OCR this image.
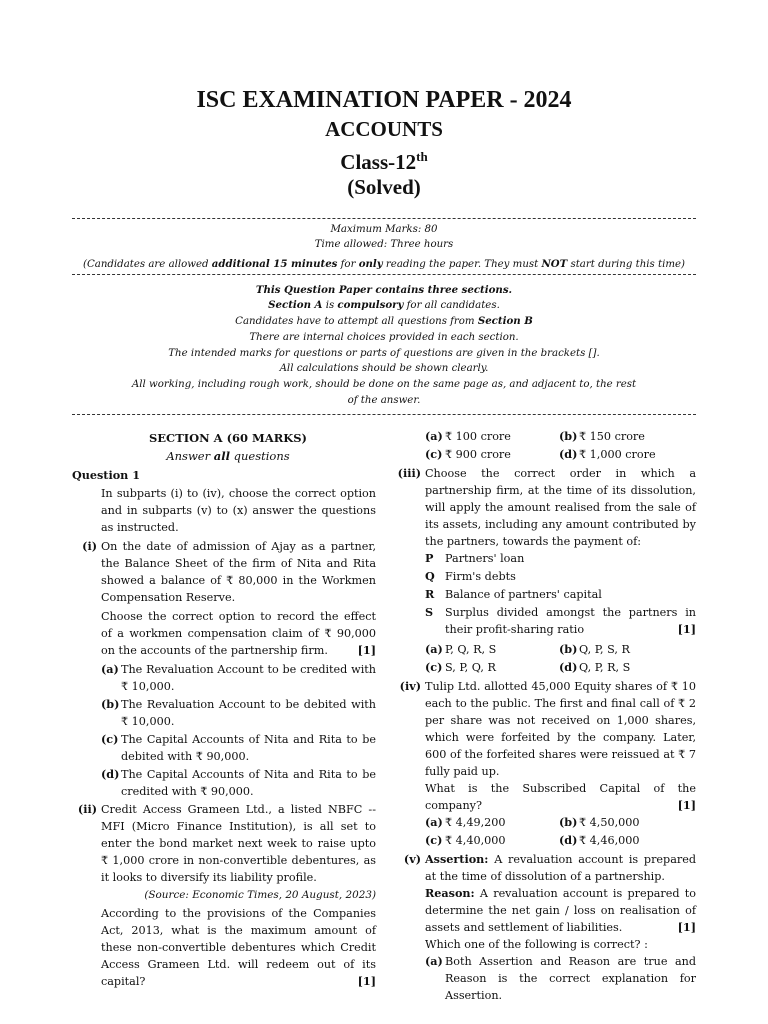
ISC EXAMINATION PAPER - 2024
ACCOUNTS
Class-12th
(Solved)
Maximum Marks: 80
Time allowed: Three hours
(Candidates are allowed additional 15 minutes for only reading the paper. They must NOT start during this time)
This Question Paper contains three sections.
Section A is compulsory for all candidates.
Candidates have to attempt all questions from Section B
There are internal choices provided in each section.
The intended marks for questions or parts of questions are given in the brackets [].
All calculations should be shown clearly.
All working, including rough work, should be done on the same page as, and adjacent to, the rest
of the answer.
SECTION A (60 MARKS)
Answer all questions
Question 1
In subparts (i) to (iv), choose the correct option and in subparts (v) to (x) answer the questions as instructed.
(i) On the date of admission of Ajay as a partner, the Balance Sheet of the firm of Nita and Rita showed a balance of ₹ 80,000 in the Workmen Compensation Reserve.
Choose the correct option to record the effect of a workmen compensation claim of ₹ 90,000 on the accounts of the partnership firm.	[1]
(a) The Revaluation Account to be credited with ₹ 10,000.
(b) The Revaluation Account to be debited with ₹ 10,000.
(c) The Capital Accounts of Nita and Rita to be debited with ₹ 90,000.
(d) The Capital Accounts of Nita and Rita to be credited with ₹ 90,000.
(ii) Credit Access Grameen Ltd., a listed NBFC -- MFI (Micro Finance Institution), is all set to enter the bond market next week to raise upto ₹ 1,000 crore in non-convertible debentures, as it looks to diversify its liability profile.
(Source: Economic Times, 20 August, 2023)
According to the provisions of the Companies Act, 2013, what is the maximum amount of these non-convertible debentures which Credit Access Grameen Ltd. will redeem out of its capital?	[1]
(a) ₹ 100 crore	(b) ₹ 150 crore
(c) ₹ 900 crore	(d) ₹ 1,000 crore
(iii) Choose the correct order in which a partnership firm, at the time of its dissolution, will apply the amount realised from the sale of its assets, including any amount contributed by the partners, towards the payment of:
P Partners' loan
Q Firm's debts
R Balance of partners' capital
S Surplus divided amongst the partners in their profit-sharing ratio	[1]
(a) P, Q, R, S	(b) Q, P, S, R
(c) S, P, Q, R	(d) Q, P, R, S
(iv) Tulip Ltd. allotted 45,000 Equity shares of ₹ 10 each to the public. The first and final call of ₹ 2 per share was not received on 1,000 shares, which were forfeited by the company. Later, 600 of the forfeited shares were reissued at ₹ 7 fully paid up.
What is the Subscribed Capital of the company?	[1]
(a) ₹ 4,49,200	(b) ₹ 4,50,000
(c) ₹ 4,40,000	(d) ₹ 4,46,000
(v) Assertion: A revaluation account is prepared at the time of dissolution of a partnership.
Reason: A revaluation account is prepared to determine the net gain / loss on realisation of assets and settlement of liabilities.	[1]
Which one of the following is correct? :
(a) Both Assertion and Reason are true and Reason is the correct explanation for Assertion.
